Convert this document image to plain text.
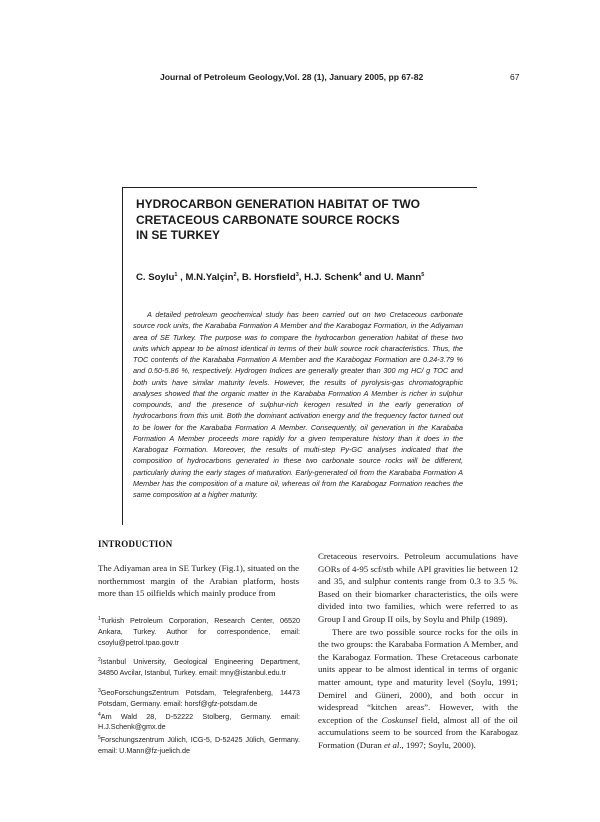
Journal of Petroleum Geology,Vol. 28 (1), January 2005, pp 67-82	67
HYDROCARBON GENERATION HABITAT OF TWO
CRETACEOUS CARBONATE SOURCE ROCKS
IN SE TURKEY
C. Soylu$^1$ , M.N.Yalçin$^2$, B. Horsfield$^3$, H.J. Schenk$^4$ and U. Mann$^5$
A detailed petroleum geochemical study has been carried out on two Cretaceous carbonate source rock units, the Karababa Formation A Member and the Karabogaz Formation, in the Adiyaman area of SE Turkey. The purpose was to compare the hydrocarbon generation habitat of these two units which appear to be almost identical in terms of their bulk source rock characteristics. Thus, the TOC contents of the Karababa Formation A Member and the Karabogaz Formation are 0.24-3.79 % and 0.50-5.86 %, respectively. Hydrogen Indices are generally greater than 300 mg HC/ g TOC and both units have similar maturity levels. However, the results of pyrolysis-gas chromatographic analyses showed that the organic matter in the Karababa Formation A Member is richer in sulphur compounds, and the presence of sulphur-rich kerogen resulted in the early generation of hydrocarbons from this unit. Both the dominant activation energy and the frequency factor turned out to be lower for the Karababa Formation A Member. Consequently, oil generation in the Karababa Formation A Member proceeds more rapidly for a given temperature history than it does in the Karabogaz Formation. Moreover, the results of multi-step Py-GC analyses indicated that the composition of hydrocarbons generated in these two carbonate source rocks will be different, particularly during the early stages of maturation. Early-generated oil from the Karababa Formation A Member has the composition of a mature oil, whereas oil from the Karabogaz Formation reaches the same composition at a higher maturity.
INTRODUCTION
The Adiyaman area in SE Turkey (Fig.1), situated on the northernmost margin of the Arabian platform, hosts more than 15 oilfields which mainly produce from
$^1$Turkish Petroleum Corporation, Research Center, 06520 Ankara, Turkey. Author for correspondence, email: csoylu@petrol.tpao.gov.tr
$^2$Istanbul University, Geological Engineering Department, 34850 Avcilar, Istanbul, Turkey. email: mny@istanbul.edu.tr
$^3$GeoForschungsZentrum Potsdam, Telegrafenberg, 14473 Potsdam, Germany. email: horsf@gfz-potsdam.de
$^4$Am Wald 28, D-52222 Stolberg, Germany. email: H.J.Schenk@gmx.de
$^5$Forschungszentrum Jülich, ICG-5, D-52425 Jülich, Germany. email: U.Mann@fz-juelich.de

Cretaceous reservoirs. Petroleum accumulations have GORs of 4-95 scf/stb while API gravities lie between 12 and 35, and sulphur contents range from 0.3 to 3.5 %. Based on their biomarker characteristics, the oils were divided into two families, which were referred to as Group I and Group II oils, by Soylu and Philp (1989).

There are two possible source rocks for the oils in the two groups: the Karababa Formation A Member, and the Karabogaz Formation. These Cretaceous carbonate units appear to be almost identical in terms of organic matter amount, type and maturity level (Soylu, 1991; Demirel and Güneri, 2000), and both occur in widespread “kitchen areas”. However, with the exception of the Coskunsel field, almost all of the oil accumulations seem to be sourced from the Karabogaz Formation (Duran et al., 1997; Soylu, 2000).
